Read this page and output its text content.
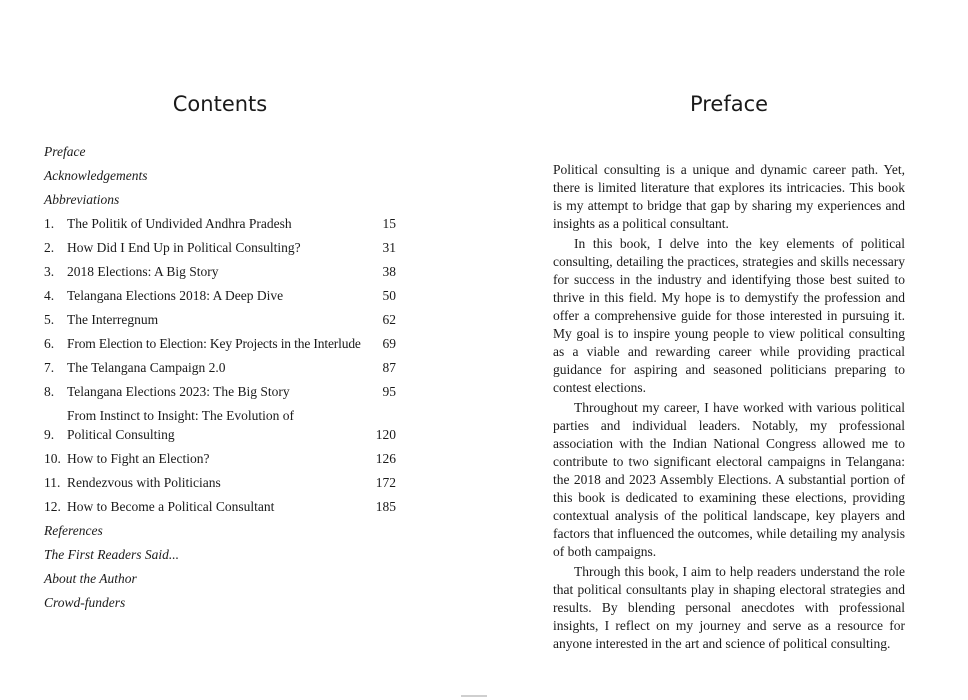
Contents
Preface
Acknowledgements
Abbreviations
1. The Politik of Undivided Andhra Pradesh	15
2. How Did I End Up in Political Consulting?	31
3. 2018 Elections: A Big Story	38
4. Telangana Elections 2018: A Deep Dive	50
5. The Interregnum	62
6. From Election to Election: Key Projects in the Interlude	69
7. The Telangana Campaign 2.0	87
8. Telangana Elections 2023: The Big Story	95
9.
From Instinct to Insight: The Evolution of
Political Consulting	120
10. How to Fight an Election?	126
11. Rendezvous with Politicians	172
12. How to Become a Political Consultant	185
References
The First Readers Said...
About the Author
Crowd-funders
Preface

Political consulting is a unique and dynamic career path. Yet, there is limited literature that explores its intricacies. This book is my attempt to bridge that gap by sharing my experiences and insights as a political consultant.

In this book, I delve into the key elements of political consulting, detailing the practices, strategies and skills necessary for success in the industry and identifying those best suited to thrive in this field. My hope is to demystify the profession and offer a comprehensive guide for those interested in pursuing it. My goal is to inspire young people to view political consulting as a viable and rewarding career while providing practical guidance for aspiring and seasoned politicians preparing to contest elections.

Throughout my career, I have worked with various political parties and individual leaders. Notably, my professional association with the Indian National Congress allowed me to contribute to two significant electoral campaigns in Telangana: the 2018 and 2023 Assembly Elections. A substantial portion of this book is dedicated to examining these elections, providing contextual analysis of the political landscape, key players and factors that influenced the outcomes, while detailing my analysis of both campaigns.

Through this book, I aim to help readers understand the role that political consultants play in shaping electoral strategies and results. By blending personal anecdotes with professional insights, I reflect on my journey and serve as a resource for anyone interested in the art and science of political consulting.
